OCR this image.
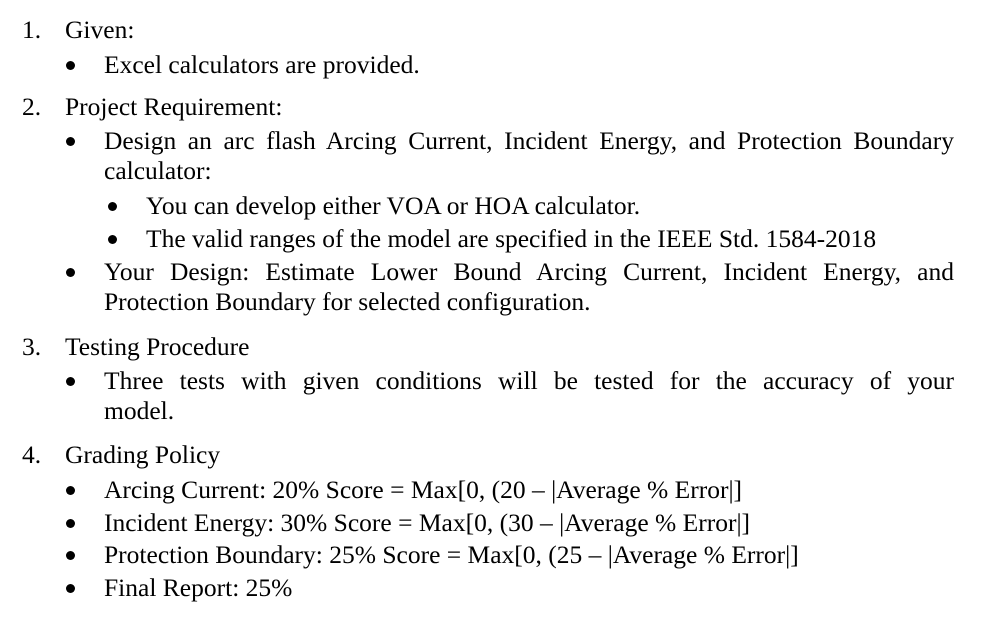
1. Given:
Excel calculators are provided.
2. Project Requirement:
Design an arc flash Arcing Current, Incident Energy, and Protection Boundary
calculator:
You can develop either VOA or HOA calculator.
The valid ranges of the model are specified in the IEEE Std. 1584-2018
Your Design: Estimate Lower Bound Arcing Current, Incident Energy, and
Protection Boundary for selected configuration.
3. Testing Procedure
Three tests with given conditions will be tested for the accuracy of your
model.
4. Grading Policy
Arcing Current: 20% Score = Max[0, (20 – |Average % Error|]
Incident Energy: 30% Score = Max[0, (30 – |Average % Error|]
Protection Boundary: 25% Score = Max[0, (25 – |Average % Error|]
Final Report: 25%
